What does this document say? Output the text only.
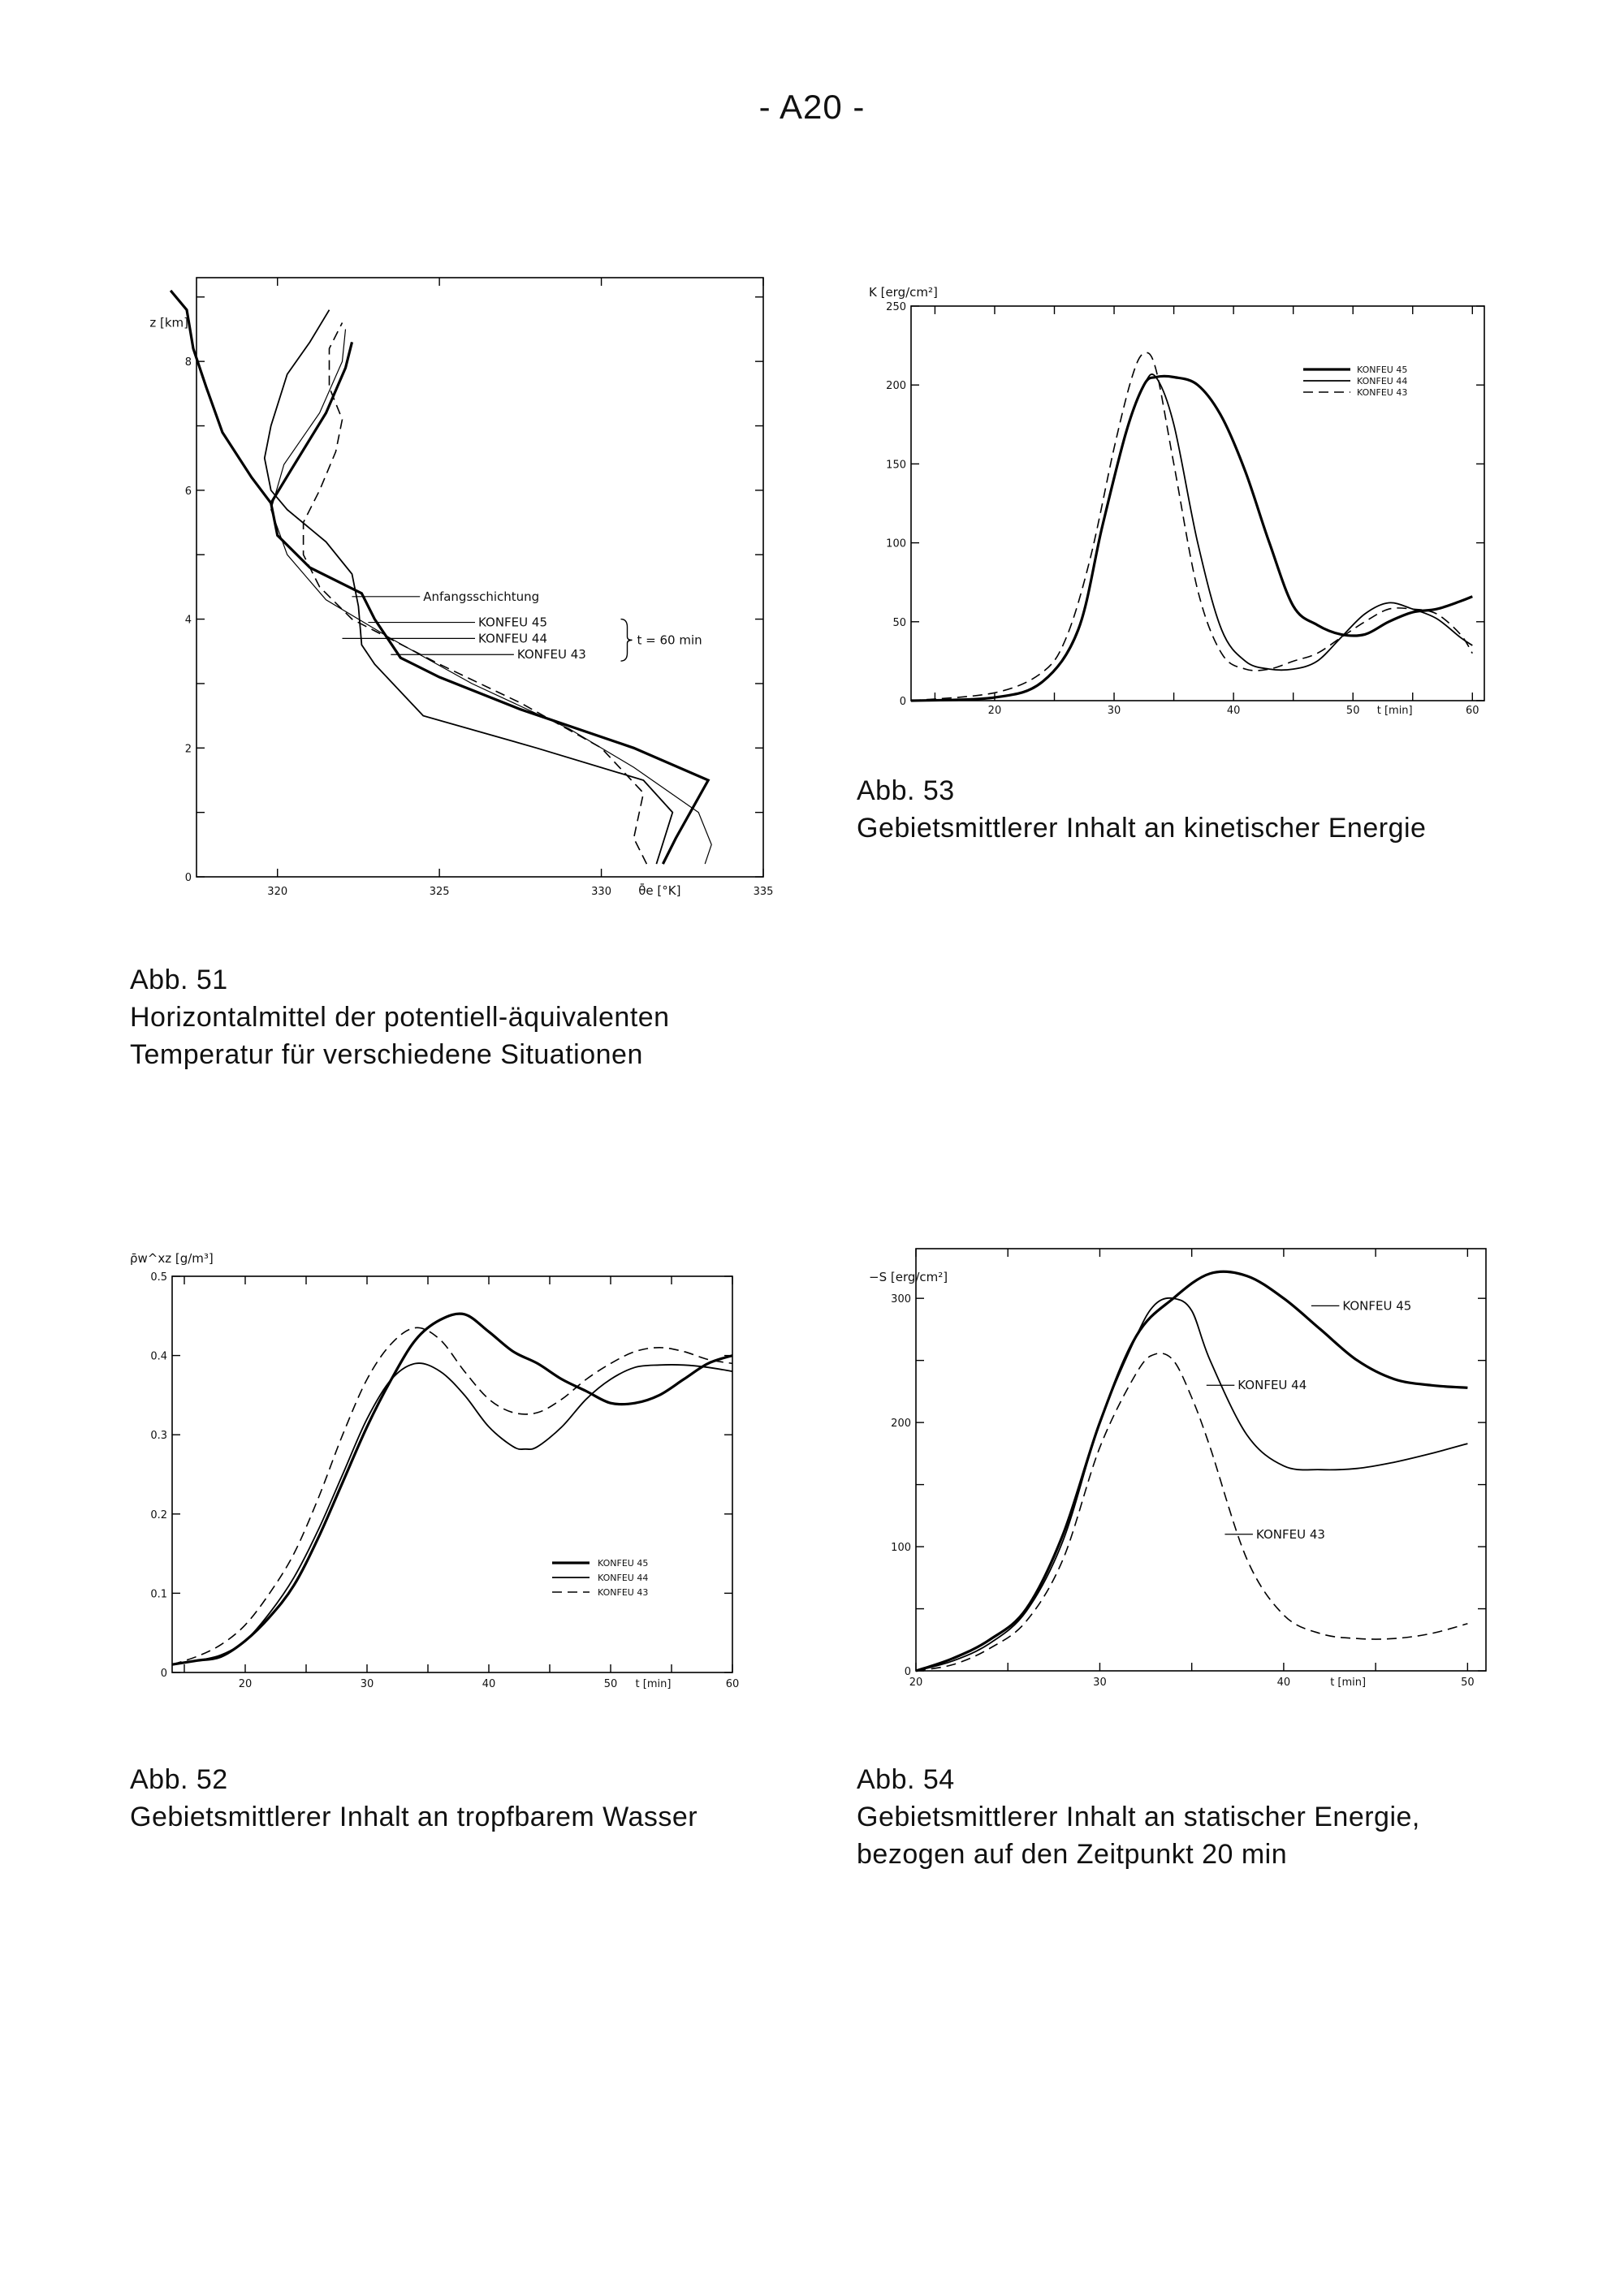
- A20 -
320	325	330	335
0
2
4
6
8
z [km]
θ̄e [°K]
Anfangsschichtung
KONFEU 45
KONFEU 44
KONFEU 43
t = 60 min
20	30	40	50	60
0
50
100
150
200
250
K [erg/cm²]
t [min]
KONFEU 45
KONFEU 44
KONFEU 43
20	30	40	50	60
0
0.1
0.2
0.3
0.4
0.5
ρ̄w^xz [g/m³]
t [min]
KONFEU 45
KONFEU 44
KONFEU 43
20	30	40	50
0
100
200
300
−S [erg/cm²]
t [min]
KONFEU 45
KONFEU 44
KONFEU 43
Abb. 51
Horizontalmittel der potentiell-äquivalenten
Temperatur für verschiedene Situationen
Abb. 53
Gebietsmittlerer Inhalt an kinetischer Energie
Abb. 52
Gebietsmittlerer Inhalt an tropfbarem Wasser
Abb. 54
Gebietsmittlerer Inhalt an statischer Energie,
bezogen auf den Zeitpunkt 20 min
